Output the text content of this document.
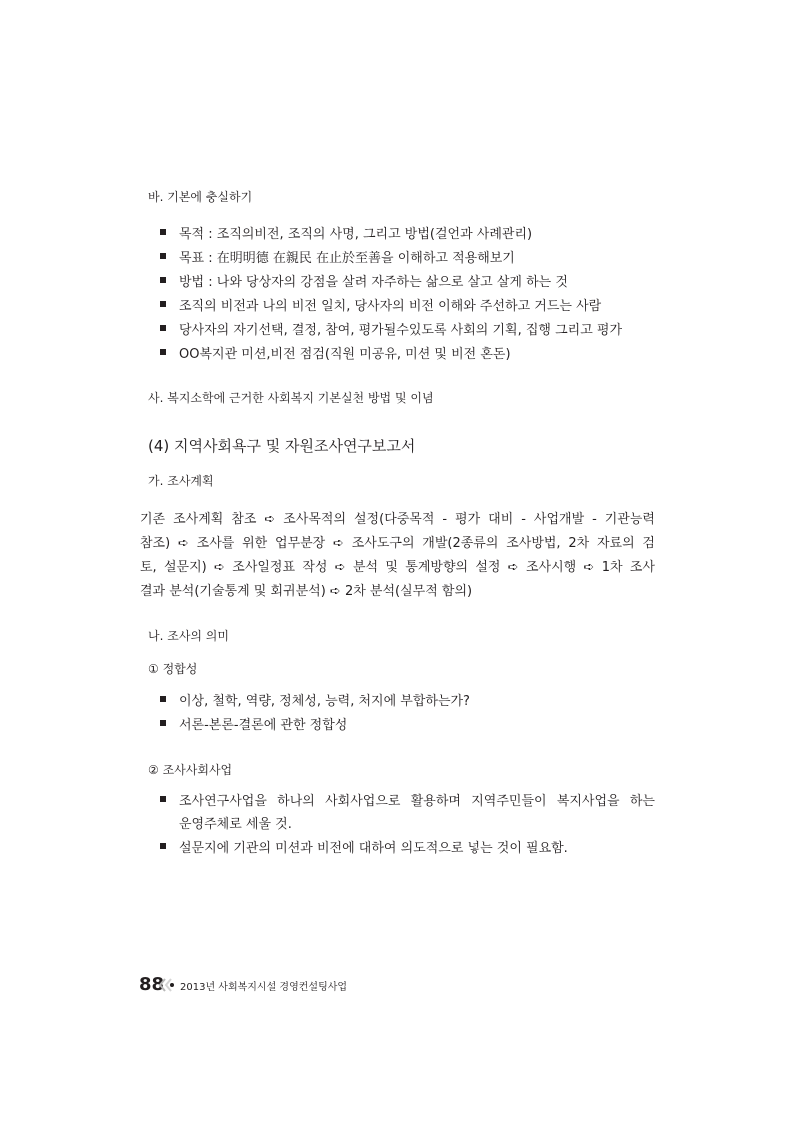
바. 기본에 충실하기
목적 : 조직의비전, 조직의 사명, 그리고 방법(걸언과 사례관리)
목표 : 在明明德 在親民 在止於至善을 이해하고 적용해보기
방법 : 나와 당상자의 강점을 살려 자주하는 삶으로 살고 살게 하는 것
조직의 비전과 나의 비전 일치, 당사자의 비전 이해와 주선하고 거드는 사람
당사자의 자기선택, 결정, 참여, 평가될수있도록 사회의 기획, 집행 그리고 평가
OO복지관 미션,비전 점검(직원 미공유, 미션 및 비전 혼돈)
사. 복지소학에 근거한 사회복지 기본실천 방법 및 이념
(4) 지역사회욕구 및 자원조사연구보고서
가. 조사계획
기존 조사계획 참조 ➪ 조사목적의 설정(다중목적 - 평가 대비 - 사업개발 - 기관능력
참조) ➪ 조사를 위한 업무분장 ➪ 조사도구의 개발(2종류의 조사방법, 2차 자료의 검
토, 설문지) ➪ 조사일정표 작성 ➪ 분석 및 통계방향의 설정 ➪ 조사시행 ➪ 1차 조사
결과 분석(기술통계 및 회귀분석) ➪ 2차 분석(실무적 함의)
나. 조사의 의미
① 정합성
이상, 철학, 역량, 정체성, 능력, 처지에 부합하는가?
서론-본론-결론에 관한 정합성
② 조사사회사업
조사연구사업을 하나의 사회사업으로 활용하며 지역주민들이 복지사업을 하는
운영주체로 세울 것.
설문지에 기관의 미션과 비전에 대하여 의도적으로 넣는 것이 필요함.
88 2013년 사회복지시설 경영컨설팅사업
